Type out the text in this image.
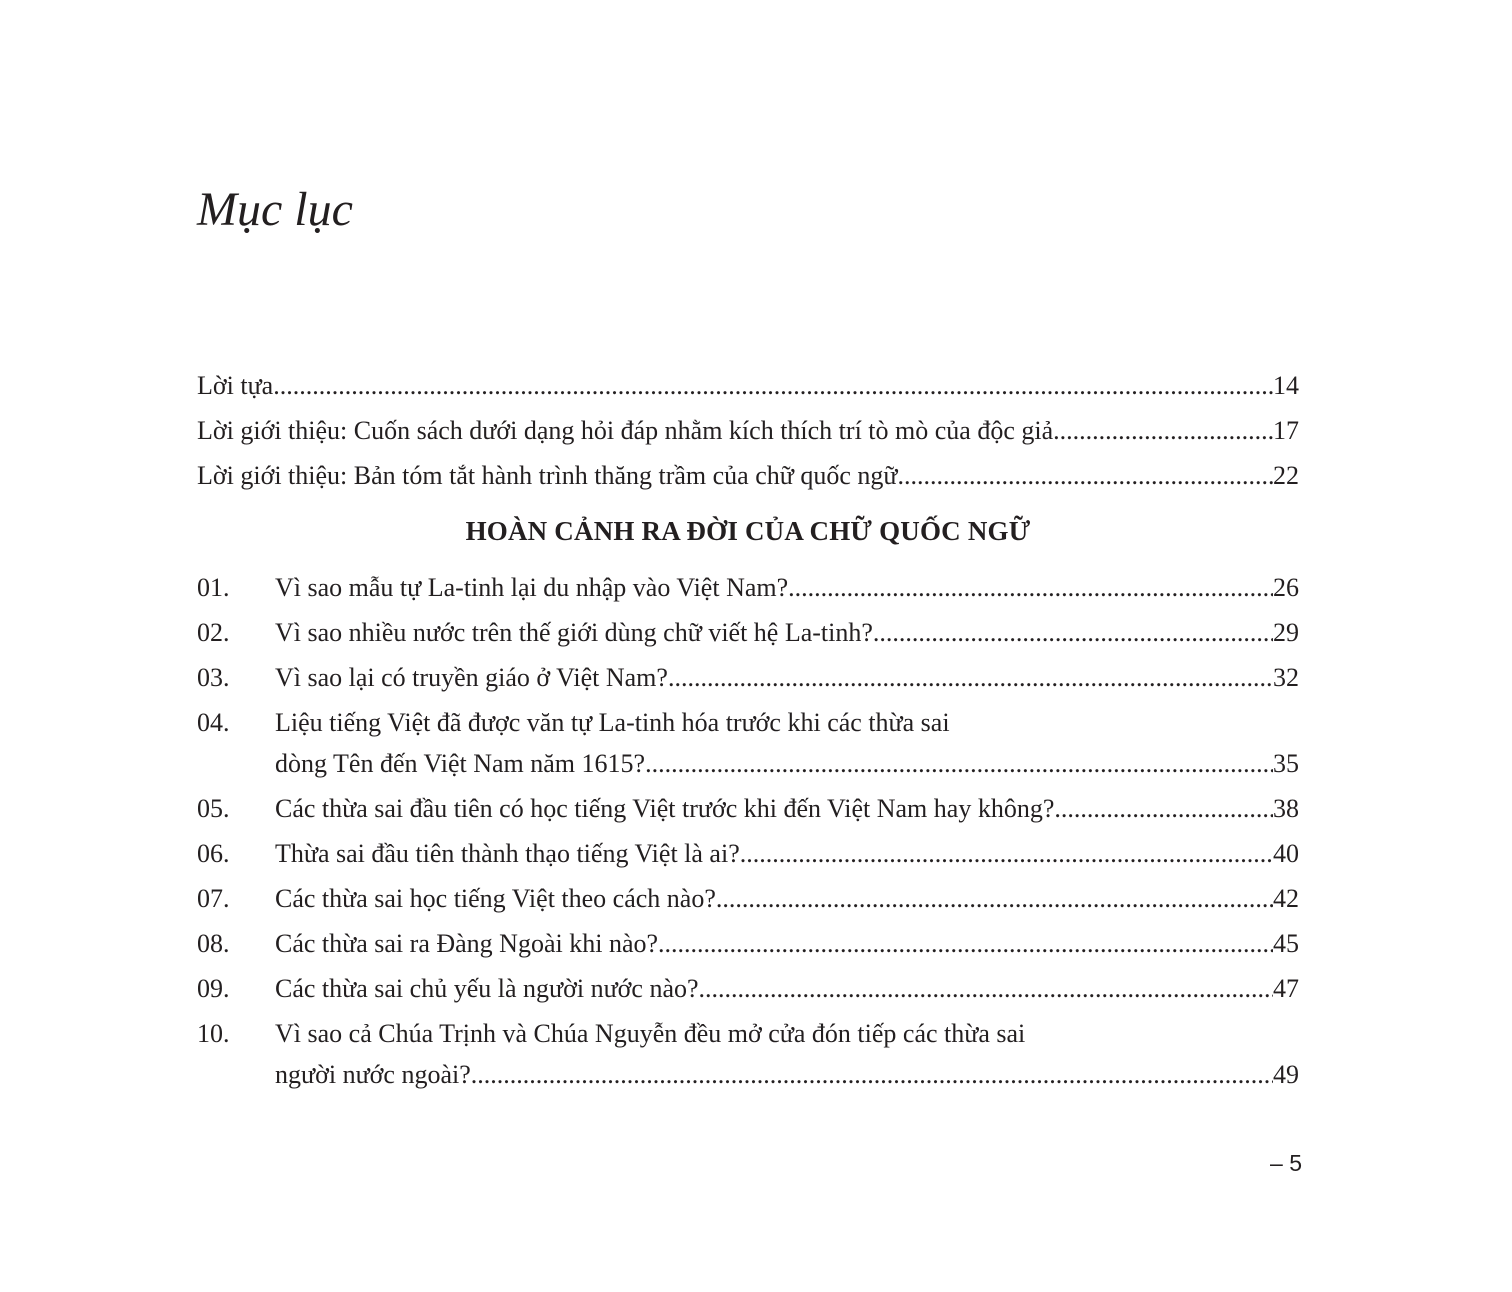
Mục lục
Lời tựa .....	14
Lời giới thiệu: Cuốn sách dưới dạng hỏi đáp nhằm kích thích trí tò mò của độc giả .....	17
Lời giới thiệu: Bản tóm tắt hành trình thăng trầm của chữ quốc ngữ .....	22
HOÀN CẢNH RA ĐỜI CỦA CHỮ QUỐC NGỮ
01.	Vì sao mẫu tự La-tinh lại du nhập vào Việt Nam? .....	26
02.	Vì sao nhiều nước trên thế giới dùng chữ viết hệ La-tinh? .....	29
03.	Vì sao lại có truyền giáo ở Việt Nam? .....	32
04.	Liệu tiếng Việt đã được văn tự La-tinh hóa trước khi các thừa sai
dòng Tên đến Việt Nam năm 1615? .....	35
05.	Các thừa sai đầu tiên có học tiếng Việt trước khi đến Việt Nam hay không? .....	38
06.	Thừa sai đầu tiên thành thạo tiếng Việt là ai? .....	40
07.	Các thừa sai học tiếng Việt theo cách nào? .....	42
08.	Các thừa sai ra Đàng Ngoài khi nào? .....	45
09.	Các thừa sai chủ yếu là người nước nào? .....	47
10.	Vì sao cả Chúa Trịnh và Chúa Nguyễn đều mở cửa đón tiếp các thừa sai
người nước ngoài? .....	49
– 5
